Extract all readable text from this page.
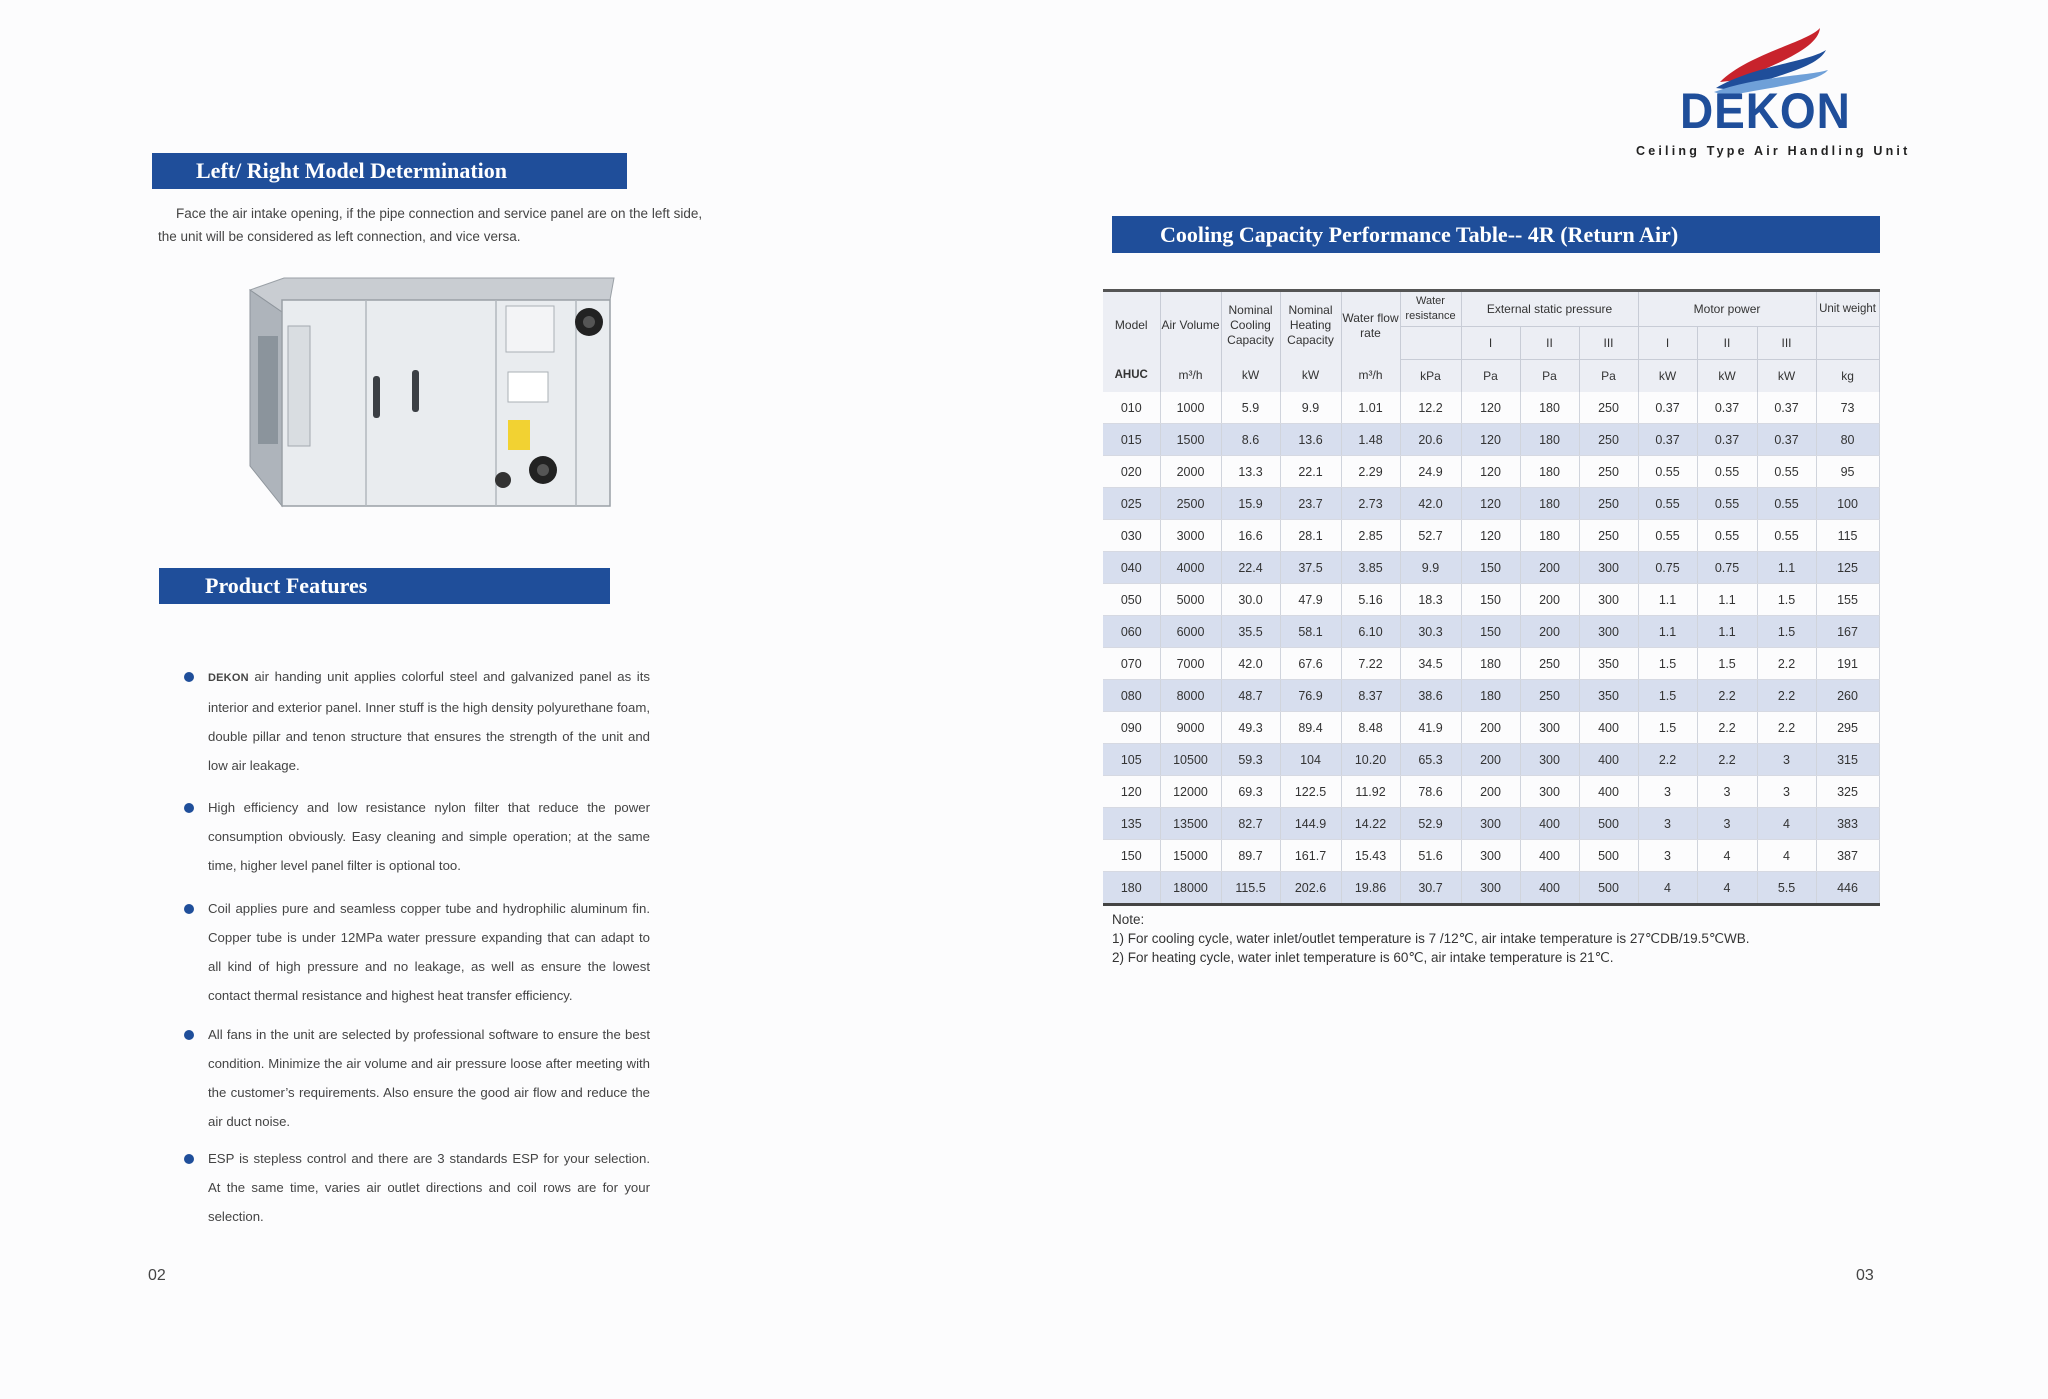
Left/ Right Model Determination

Face the air intake opening, if the pipe connection and service panel are on the left side,

the unit will be considered as left connection, and vice versa.

Product Features
DEKON air handing unit applies colorful steel and galvanized panel as its interior and exterior panel. Inner stuff is the high density polyurethane foam, double pillar and tenon structure that ensures the strength of the unit and low air leakage.
High efficiency and low resistance nylon filter that reduce the power consumption obviously. Easy cleaning and simple operation; at the same time, higher level panel filter is optional too.
Coil applies pure and seamless copper tube and hydrophilic aluminum fin. Copper tube is under 12MPa water pressure expanding that can adapt to all kind of high pressure and no leakage, as well as ensure the lowest contact thermal resistance and highest heat transfer efficiency.
All fans in the unit are selected by professional software to ensure the best condition. Minimize the air volume and air pressure loose after meeting with the customer’s requirements. Also ensure the good air flow and reduce the air duct noise.
ESP is stepless control and there are 3 standards ESP for your selection. At the same time, varies air outlet directions and coil rows are for your selection.
02
DEKON
Ceiling Type Air Handling Unit
Cooling Capacity Performance Table-- 4R (Return Air)
Model	Air Volume	Nominal Cooling Capacity	Nominal Heating Capacity	Water flow rate	Water resistance	External static pressure			Motor power			Unit weight
						I	II	III	I	II	III	
AHUC	m³/h	kW	kW	m³/h	kPa	Pa	Pa	Pa	kW	kW	kW	kg
010	1000	5.9	9.9	1.01	12.2	120	180	250	0.37	0.37	0.37	73
015	1500	8.6	13.6	1.48	20.6	120	180	250	0.37	0.37	0.37	80
020	2000	13.3	22.1	2.29	24.9	120	180	250	0.55	0.55	0.55	95
025	2500	15.9	23.7	2.73	42.0	120	180	250	0.55	0.55	0.55	100
030	3000	16.6	28.1	2.85	52.7	120	180	250	0.55	0.55	0.55	115
040	4000	22.4	37.5	3.85	9.9	150	200	300	0.75	0.75	1.1	125
050	5000	30.0	47.9	5.16	18.3	150	200	300	1.1	1.1	1.5	155
060	6000	35.5	58.1	6.10	30.3	150	200	300	1.1	1.1	1.5	167
070	7000	42.0	67.6	7.22	34.5	180	250	350	1.5	1.5	2.2	191
080	8000	48.7	76.9	8.37	38.6	180	250	350	1.5	2.2	2.2	260
090	9000	49.3	89.4	8.48	41.9	200	300	400	1.5	2.2	2.2	295
105	10500	59.3	104	10.20	65.3	200	300	400	2.2	2.2	3	315
120	12000	69.3	122.5	11.92	78.6	200	300	400	3	3	3	325
135	13500	82.7	144.9	14.22	52.9	300	400	500	3	3	4	383
150	15000	89.7	161.7	15.43	51.6	300	400	500	3	4	4	387
180	18000	115.5	202.6	19.86	30.7	300	400	500	4	4	5.5	446

Note:

1) For cooling cycle, water inlet/outlet temperature is 7 /12℃, air intake temperature is 27℃DB/19.5℃WB.

2) For heating cycle, water inlet temperature is 60℃, air intake temperature is 21℃.

03
